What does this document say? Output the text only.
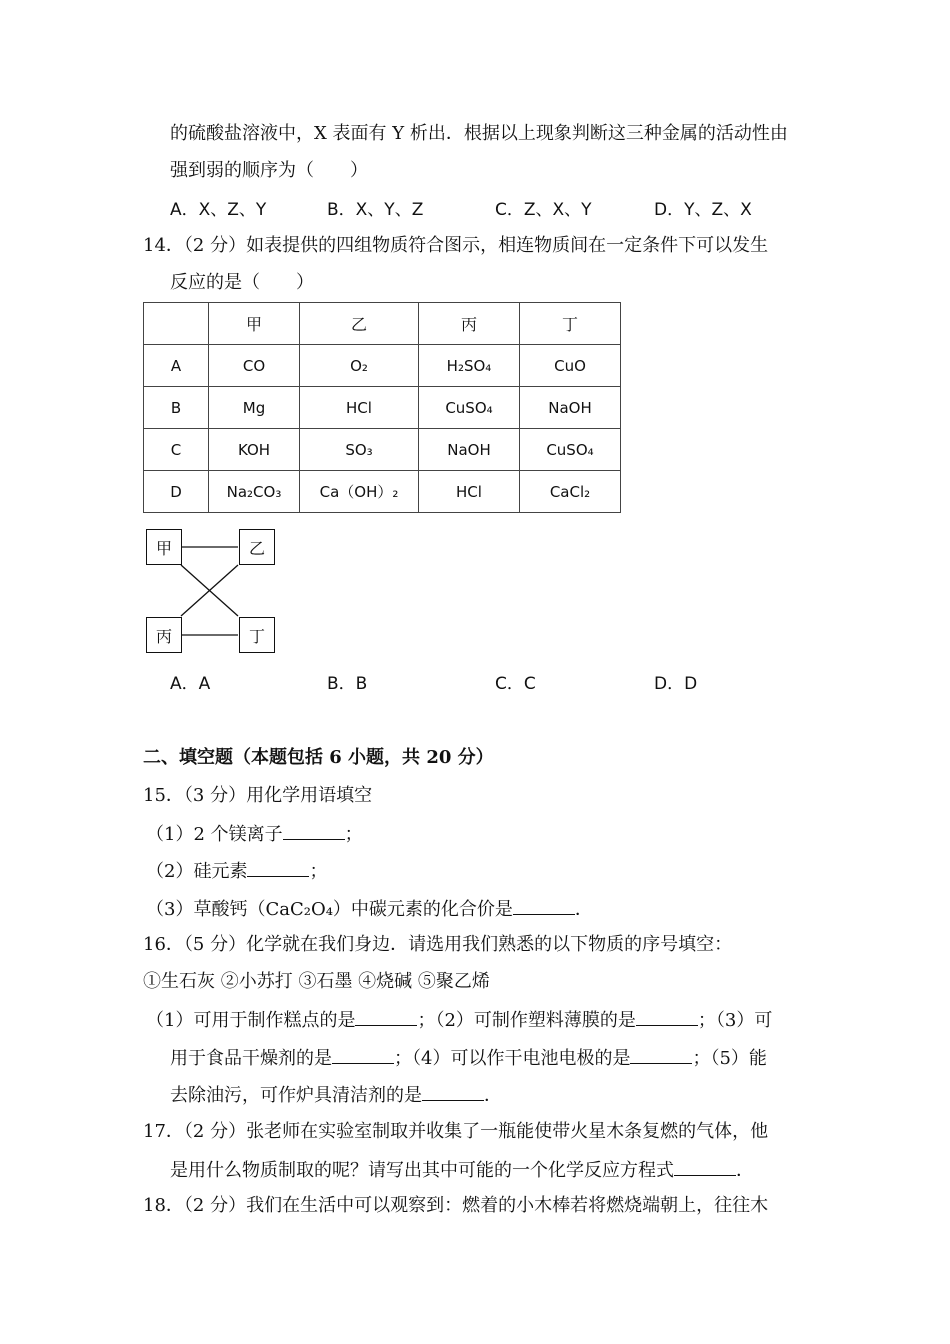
的硫酸盐溶液中，X 表面有 Y 析出．根据以上现象判断这三种金属的活动性由
强到弱的顺序为（　　）
A．X、Z、Y	B．X、Y、Z	C．Z、X、Y	D．Y、Z、X
14．（2 分）如表提供的四组物质符合图示，相连物质间在一定条件下可以发生
反应的是（　　）
	甲	乙	丙	丁
A	CO	O₂	H₂SO₄	CuO
B	Mg	HCl	CuSO₄	NaOH
C	KOH	SO₃	NaOH	CuSO₄
D	Na₂CO₃	Ca（OH）₂	HCl	CaCl₂
甲	乙
丙	丁
A．A	B．B	C．C	D．D
二、填空题（本题包括 6 小题，共 20 分）
15．（3 分）用化学用语填空
（1）2 个镁离子	；
（2）硅元素	；
（3）草酸钙（CaC₂O₄）中碳元素的化合价是	．
16．（5 分）化学就在我们身边．请选用我们熟悉的以下物质的序号填空：
①生石灰 ②小苏打 ③石墨 ④烧碱 ⑤聚乙烯
（1）可用于制作糕点的是	；（2）可制作塑料薄膜的是	；（3）可
用于食品干燥剂的是	；（4）可以作干电池电极的是	；（5）能
去除油污，可作炉具清洁剂的是	．
17．（2 分）张老师在实验室制取并收集了一瓶能使带火星木条复燃的气体，他
是用什么物质制取的呢？请写出其中可能的一个化学反应方程式	．
18．（2 分）我们在生活中可以观察到：燃着的小木棒若将燃烧端朝上，往往木
